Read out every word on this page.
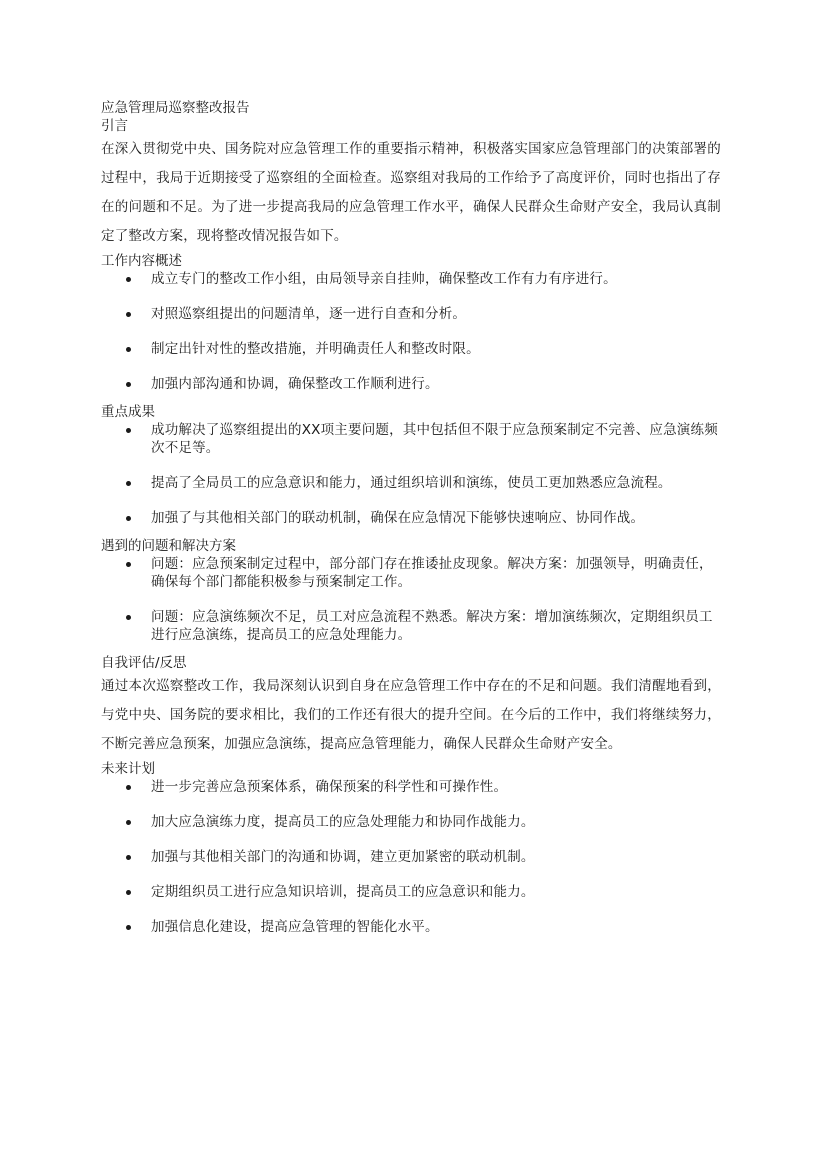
应急管理局巡察整改报告

引言

在深入贯彻党中央、国务院对应急管理工作的重要指示精神，积极落实国家应急管理部门的决策部署的过程中，我局于近期接受了巡察组的全面检查。巡察组对我局的工作给予了高度评价，同时也指出了存在的问题和不足。为了进一步提高我局的应急管理工作水平，确保人民群众生命财产安全，我局认真制定了整改方案，现将整改情况报告如下。

工作内容概述

成立专门的整改工作小组，由局领导亲自挂帅，确保整改工作有力有序进行。
对照巡察组提出的问题清单，逐一进行自查和分析。
制定出针对性的整改措施，并明确责任人和整改时限。
加强内部沟通和协调，确保整改工作顺利进行。

重点成果

成功解决了巡察组提出的XX项主要问题，其中包括但不限于应急预案制定不完善、应急演练频次不足等。
提高了全局员工的应急意识和能力，通过组织培训和演练，使员工更加熟悉应急流程。
加强了与其他相关部门的联动机制，确保在应急情况下能够快速响应、协同作战。

遇到的问题和解决方案

问题：应急预案制定过程中，部分部门存在推诿扯皮现象。解决方案：加强领导，明确责任，确保每个部门都能积极参与预案制定工作。
问题：应急演练频次不足，员工对应急流程不熟悉。解决方案：增加演练频次，定期组织员工进行应急演练，提高员工的应急处理能力。

自我评估/反思

通过本次巡察整改工作，我局深刻认识到自身在应急管理工作中存在的不足和问题。我们清醒地看到，与党中央、国务院的要求相比，我们的工作还有很大的提升空间。在今后的工作中，我们将继续努力，不断完善应急预案，加强应急演练，提高应急管理能力，确保人民群众生命财产安全。

未来计划

进一步完善应急预案体系，确保预案的科学性和可操作性。
加大应急演练力度，提高员工的应急处理能力和协同作战能力。
加强与其他相关部门的沟通和协调，建立更加紧密的联动机制。
定期组织员工进行应急知识培训，提高员工的应急意识和能力。
加强信息化建设，提高应急管理的智能化水平。
